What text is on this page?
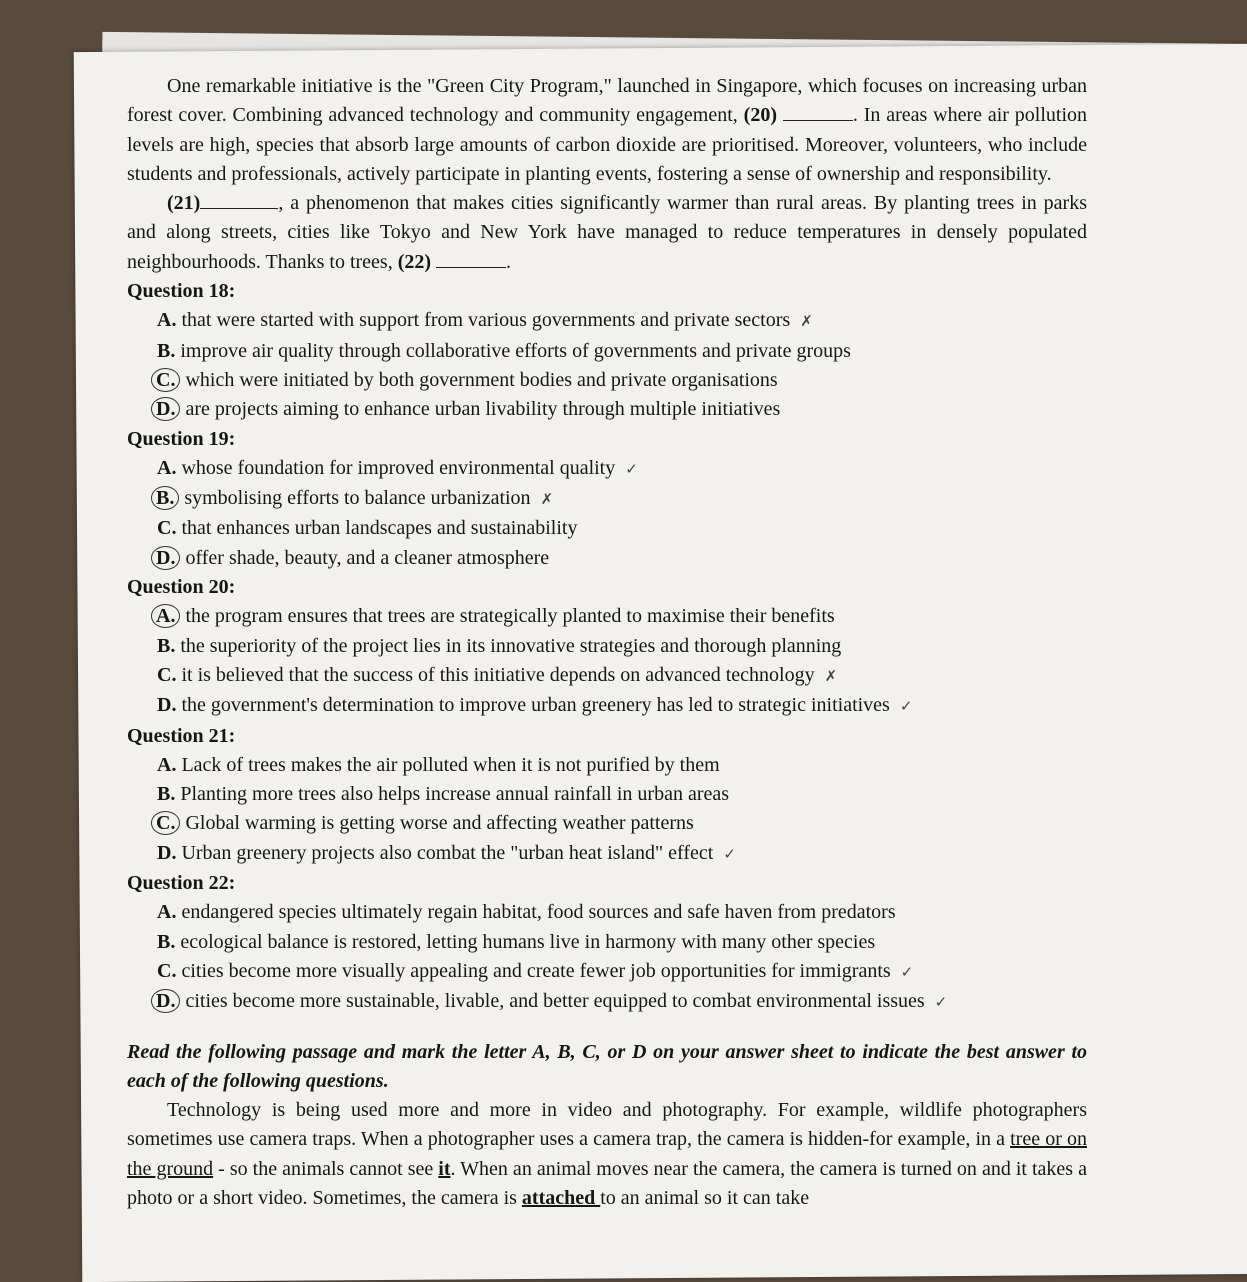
One remarkable initiative is the "Green City Program," launched in Singapore, which focuses on increasing urban forest cover. Combining advanced technology and community engagement, (20)	. In areas where air pollution levels are high, species that absorb large amounts of carbon dioxide are prioritised. Moreover, volunteers, who include students and professionals, actively participate in planting events, fostering a sense of ownership and responsibility.

(21)	, a phenomenon that makes cities significantly warmer than rural areas. By planting trees in parks and along streets, cities like Tokyo and New York have managed to reduce temperatures in densely populated neighbourhoods. Thanks to trees, (22)	.

Question 18:

A. that were started with support from various governments and private sectors ✗

B. improve air quality through collaborative efforts of governments and private groups

C. which were initiated by both government bodies and private organisations

D. are projects aiming to enhance urban livability through multiple initiatives

Question 19:

A. whose foundation for improved environmental quality ✓

B. symbolising efforts to balance urbanization ✗

C. that enhances urban landscapes and sustainability

D. offer shade, beauty, and a cleaner atmosphere

Question 20:

A. the program ensures that trees are strategically planted to maximise their benefits

B. the superiority of the project lies in its innovative strategies and thorough planning

C. it is believed that the success of this initiative depends on advanced technology ✗

D. the government's determination to improve urban greenery has led to strategic initiatives ✓

Question 21:

A. Lack of trees makes the air polluted when it is not purified by them

B. Planting more trees also helps increase annual rainfall in urban areas

C. Global warming is getting worse and affecting weather patterns

D. Urban greenery projects also combat the "urban heat island" effect ✓

Question 22:

A. endangered species ultimately regain habitat, food sources and safe haven from predators

B. ecological balance is restored, letting humans live in harmony with many other species

C. cities become more visually appealing and create fewer job opportunities for immigrants ✓

D. cities become more sustainable, livable, and better equipped to combat environmental issues ✓

Read the following passage and mark the letter A, B, C, or D on your answer sheet to indicate the best answer to each of the following questions.

Technology is being used more and more in video and photography. For example, wildlife photographers sometimes use camera traps. When a photographer uses a camera trap, the camera is hidden-for example, in a tree or on the ground - so the animals cannot see it. When an animal moves near the camera, the camera is turned on and it takes a photo or a short video. Sometimes, the camera is attached to an animal so it can take
